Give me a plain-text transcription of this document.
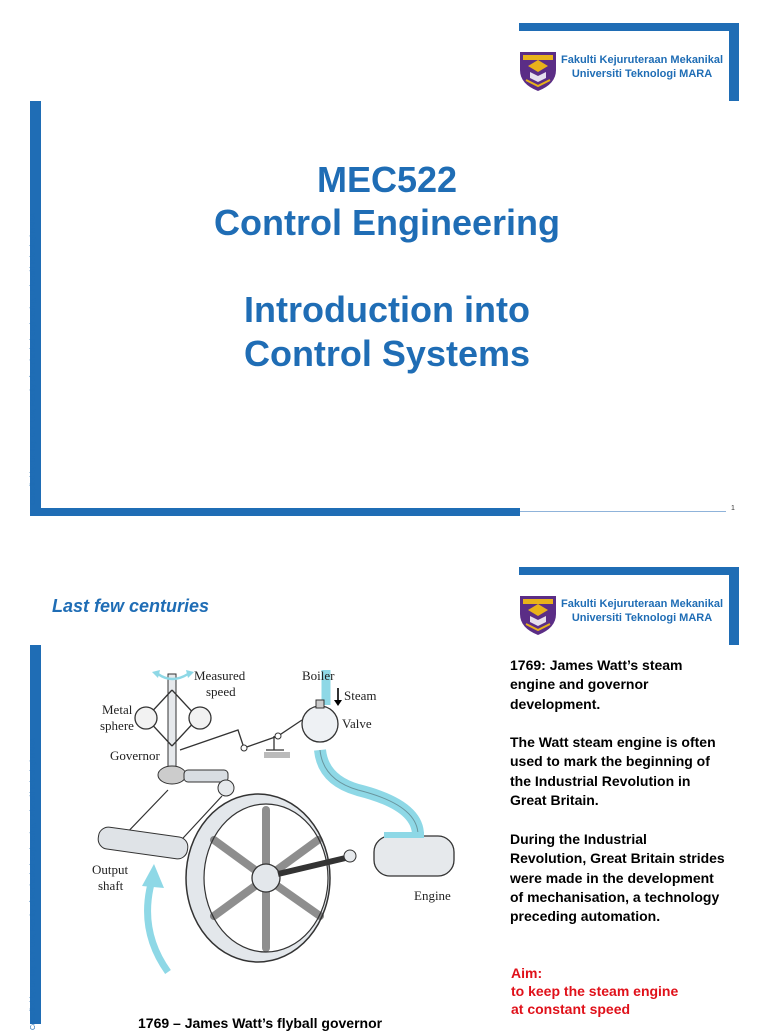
Fakulti Kejuruteraan Mekanikal
Universiti Teknologi MARA
Compiled by: Dr.-Ing. C.Y. Low, Faculty of Mechanical Engineering, Universiti Teknologi MARA
1
MEC522
Control Engineering
Introduction into
Control Systems
Fakulti Kejuruteraan Mekanikal
Universiti Teknologi MARA
Last few centuries
Compiled by: Dr.-Ing. C.Y. Low, Faculty of Mechanical Engineering, Universiti Teknologi MARA
Measured
speed
Boiler
Steam
Metal
sphere	Valve
Governor
Output
shaft
Engine
1769: James Watt’s steam engine and governor development.
The Watt steam engine is often used to mark the beginning of the Industrial Revolution in Great Britain.
During the Industrial Revolution, Great Britain strides were made in the development of mechanisation, a technology preceding automation.
Aim:
to keep the steam engine
at constant speed
1769 – James Watt’s flyball governor
